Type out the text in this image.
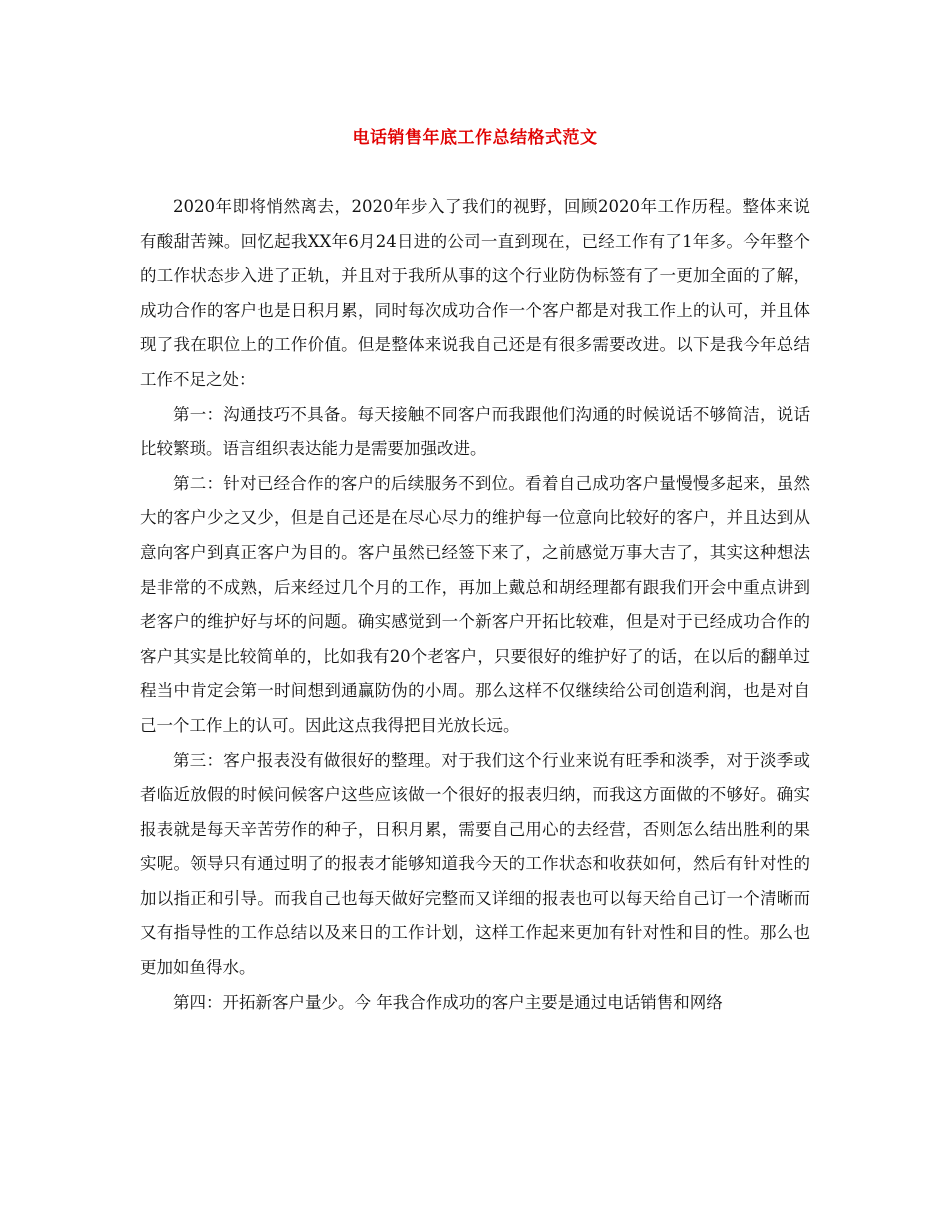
电话销售年底工作总结格式范文

2020年即将悄然离去，2020年步入了我们的视野，回顾2020年工作历程。整体来说有酸甜苦辣。回忆起我XX年6月24日进的公司一直到现在，已经工作有了1年多。今年整个的工作状态步入进了正轨，并且对于我所从事的这个行业防伪标签有了一更加全面的了解，成功合作的客户也是日积月累，同时每次成功合作一个客户都是对我工作上的认可，并且体现了我在职位上的工作价值。但是整体来说我自己还是有很多需要改进。以下是我今年总结工作不足之处：

第一：沟通技巧不具备。每天接触不同客户而我跟他们沟通的时候说话不够简洁，说话比较繁琐。语言组织表达能力是需要加强改进。

第二：针对已经合作的客户的后续服务不到位。看着自己成功客户量慢慢多起来，虽然大的客户少之又少，但是自己还是在尽心尽力的维护每一位意向比较好的客户，并且达到从意向客户到真正客户为目的。客户虽然已经签下来了，之前感觉万事大吉了，其实这种想法是非常的不成熟，后来经过几个月的工作，再加上戴总和胡经理都有跟我们开会中重点讲到老客户的维护好与坏的问题。确实感觉到一个新客户开拓比较难，但是对于已经成功合作的客户其实是比较简单的，比如我有20个老客户，只要很好的维护好了的话，在以后的翻单过程当中肯定会第一时间想到通赢防伪的小周。那么这样不仅继续给公司创造利润，也是对自己一个工作上的认可。因此这点我得把目光放长远。

第三：客户报表没有做很好的整理。对于我们这个行业来说有旺季和淡季，对于淡季或者临近放假的时候问候客户这些应该做一个很好的报表归纳，而我这方面做的不够好。确实报表就是每天辛苦劳作的种子，日积月累，需要自己用心的去经营，否则怎么结出胜利的果实呢。领导只有通过明了的报表才能够知道我今天的工作状态和收获如何，然后有针对性的加以指正和引导。而我自己也每天做好完整而又详细的报表也可以每天给自己订一个清晰而又有指导性的工作总结以及来日的工作计划，这样工作起来更加有针对性和目的性。那么也更加如鱼得水。

第四：开拓新客户量少。今 年我合作成功的客户主要是通过电话销售和网络
